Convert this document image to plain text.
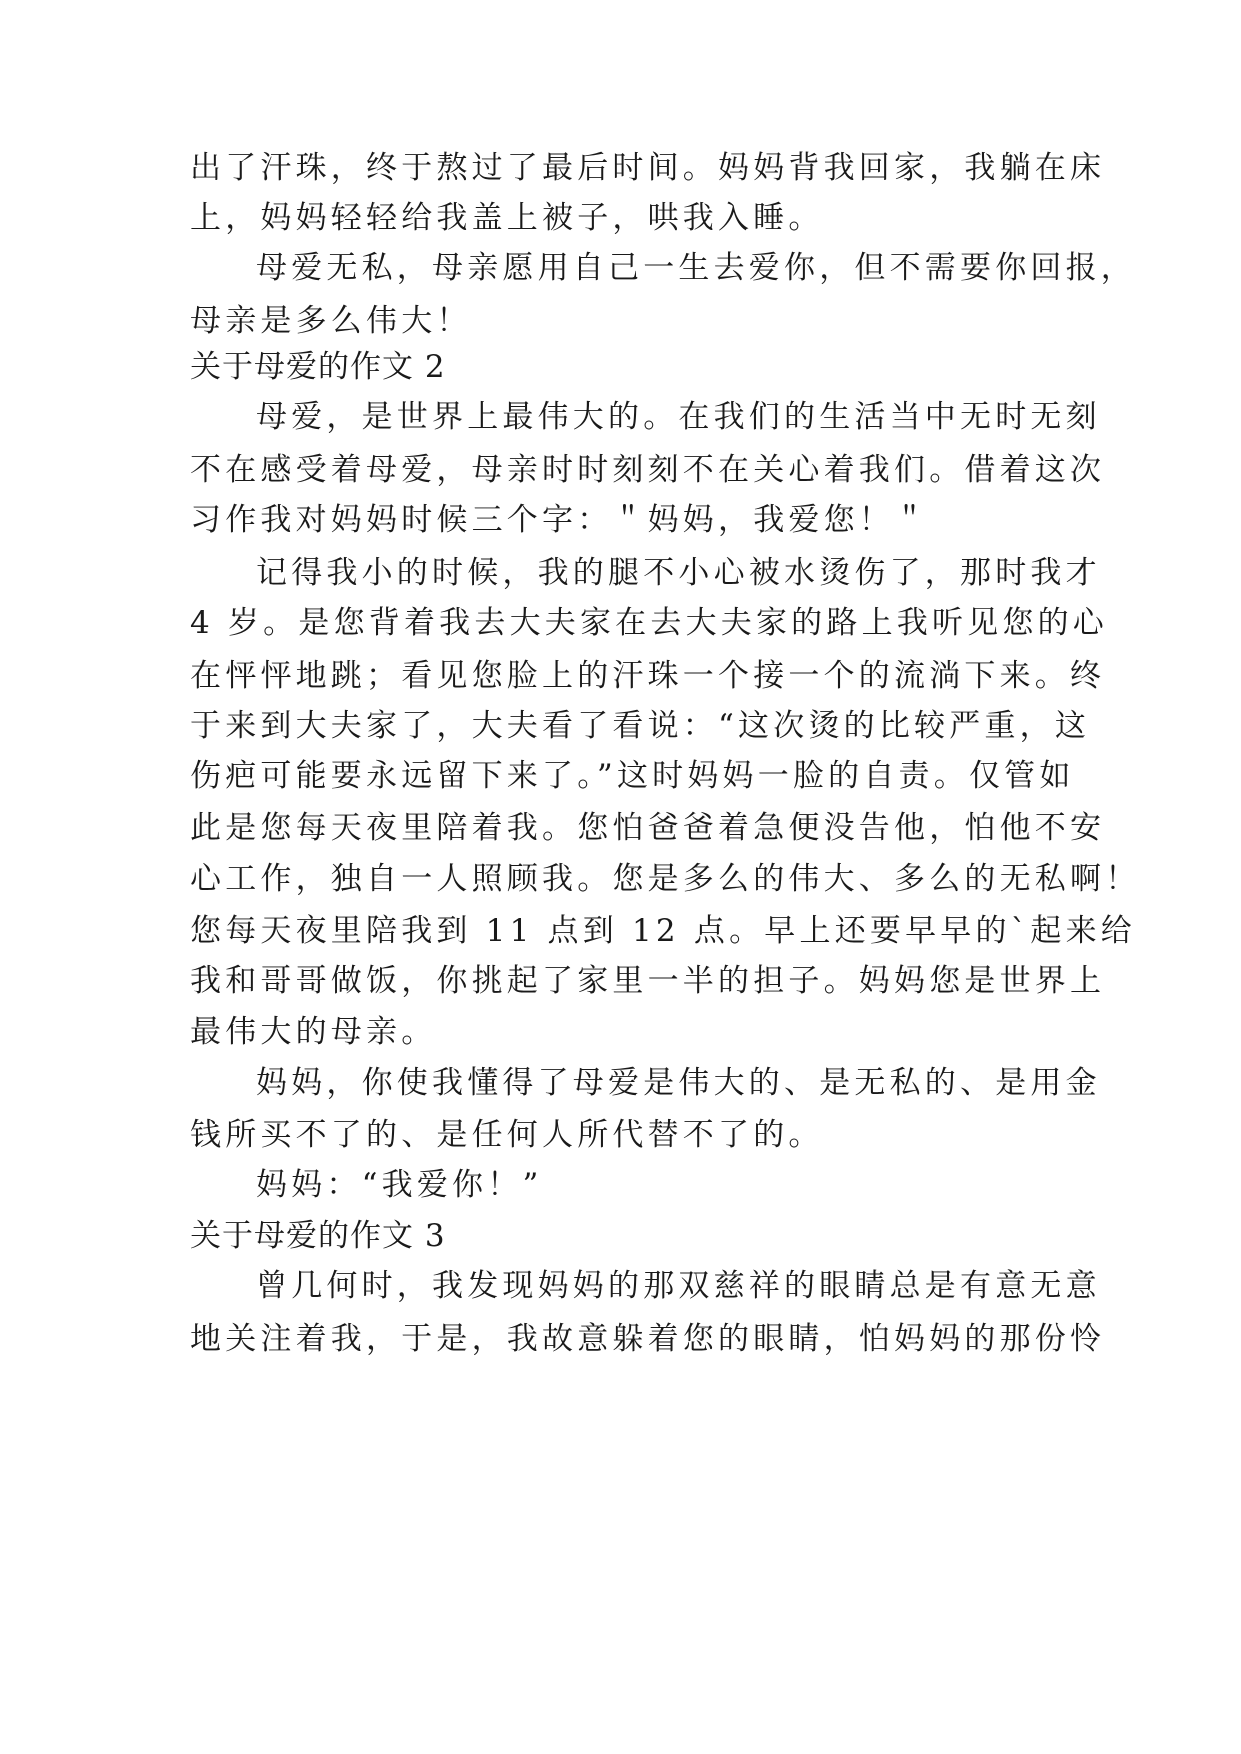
出了汗珠，终于熬过了最后时间。妈妈背我回家，我躺在床
上，妈妈轻轻给我盖上被子，哄我入睡。
母爱无私，母亲愿用自己一生去爱你，但不需要你回报，
母亲是多么伟大！
关于母爱的作文 2
母爱，是世界上最伟大的。在我们的生活当中无时无刻
不在感受着母爱，母亲时时刻刻不在关心着我们。借着这次
习作我对妈妈时候三个字：＂妈妈，我爱您！＂
记得我小的时候，我的腿不小心被水烫伤了，那时我才
4 岁。是您背着我去大夫家在去大夫家的路上我听见您的心
在怦怦地跳；看见您脸上的汗珠一个接一个的流淌下来。终
于来到大夫家了，大夫看了看说：“这次烫的比较严重，这
伤疤可能要永远留下来了。”这时妈妈一脸的自责。仅管如
此是您每天夜里陪着我。您怕爸爸着急便没告他，怕他不安
心工作，独自一人照顾我。您是多么的伟大、多么的无私啊！
您每天夜里陪我到 11 点到 12 点。早上还要早早的`起来给
我和哥哥做饭，你挑起了家里一半的担子。妈妈您是世界上
最伟大的母亲。
妈妈，你使我懂得了母爱是伟大的、是无私的、是用金
钱所买不了的、是任何人所代替不了的。
妈妈：“我爱你！”
关于母爱的作文 3
曾几何时，我发现妈妈的那双慈祥的眼睛总是有意无意
地关注着我，于是，我故意躲着您的眼睛，怕妈妈的那份怜
